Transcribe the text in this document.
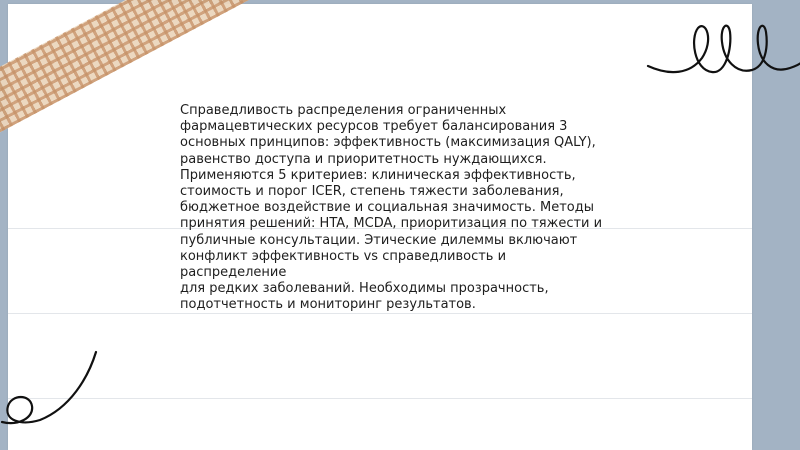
Справедливость распределения ограниченных
фармацевтических ресурсов требует балансирования 3
основных принципов: эффективность (максимизация QALY),
равенство доступа и приоритетность нуждающихся.
Применяются 5 критериев: клиническая эффективность,
стоимость и порог ICER, степень тяжести заболевания,
бюджетное воздействие и социальная значимость. Методы
принятия решений: HTA, MCDA, приоритизация по тяжести и
публичные консультации. Этические дилеммы включают
конфликт эффективность vs справедливость и распределение
для редких заболеваний. Необходимы прозрачность,
подотчетность и мониторинг результатов.
